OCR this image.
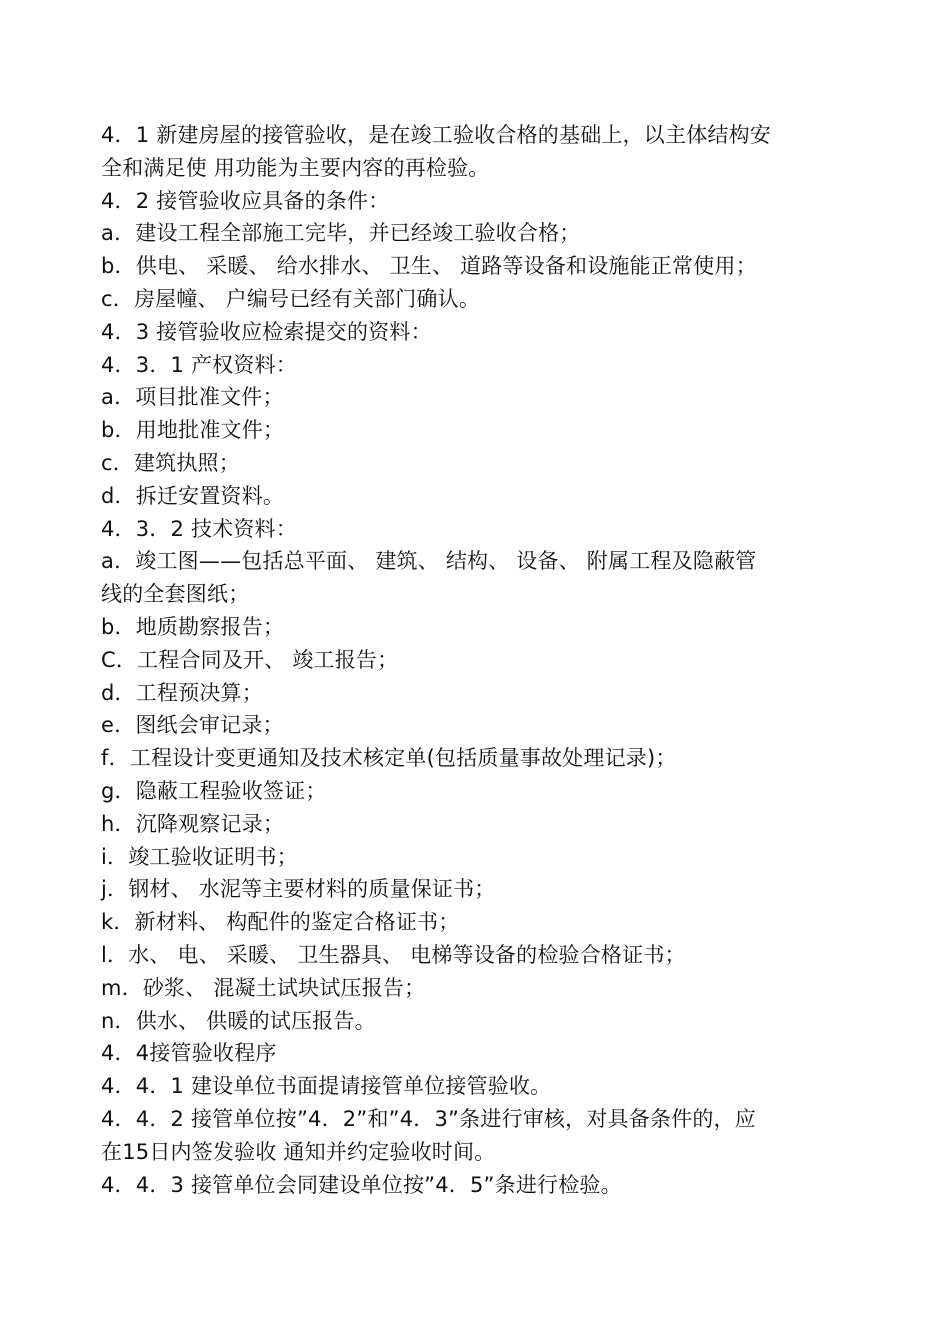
4．1 新建房屋的接管验收，是在竣工验收合格的基础上，以主体结构安
全和满足使 用功能为主要内容的再检验。
4．2 接管验收应具备的条件：
a．建设工程全部施工完毕，并已经竣工验收合格；
b．供电、 采暖、 给水排水、 卫生、 道路等设备和设施能正常使用；
c．房屋幢、 户编号已经有关部门确认。
4．3 接管验收应检索提交的资料：
4．3．1 产权资料：
a．项目批准文件；
b．用地批准文件；
c．建筑执照；
d．拆迁安置资料。
4．3．2 技术资料：
a．竣工图——包括总平面、 建筑、 结构、 设备、 附属工程及隐蔽管
线的全套图纸；
b．地质勘察报告；
C．工程合同及开、 竣工报告；
d．工程预决算；
e．图纸会审记录；
f．工程设计变更通知及技术核定单(包括质量事故处理记录)；
g．隐蔽工程验收签证；
h．沉降观察记录；
i．竣工验收证明书；
j．钢材、 水泥等主要材料的质量保证书；
k．新材料、 构配件的鉴定合格证书；
l．水、 电、 采暖、 卫生器具、 电梯等设备的检验合格证书；
m．砂浆、 混凝土试块试压报告；
n．供水、 供暖的试压报告。
4．4接管验收程序
4．4．1 建设单位书面提请接管单位接管验收。
4．4．2 接管单位按”4．2”和”4．3”条进行审核，对具备条件的，应
在15日内签发验收 通知并约定验收时间。
4．4．3 接管单位会同建设单位按”4．5”条进行检验。
